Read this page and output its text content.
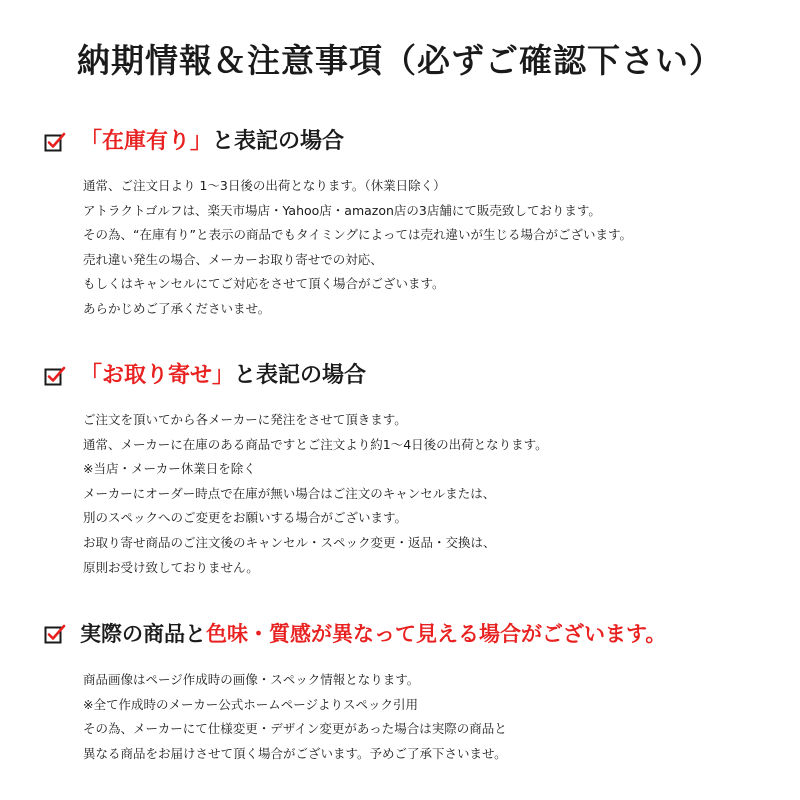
納期情報＆注意事項（必ずご確認下さい）
「在庫有り」と表記の場合
通常、ご注文日より 1～3日後の出荷となります。（休業日除く）
アトラクトゴルフは、楽天市場店・Yahoo店・amazon店の3店舗にて販売致しております。
その為、“在庫有り”と表示の商品でもタイミングによっては売れ違いが生じる場合がございます。
売れ違い発生の場合、メーカーお取り寄せでの対応、
もしくはキャンセルにてご対応をさせて頂く場合がございます。
あらかじめご了承くださいませ。
「お取り寄せ」と表記の場合
ご注文を頂いてから各メーカーに発注をさせて頂きます。
通常、メーカーに在庫のある商品ですとご注文より約1～4日後の出荷となります。
※当店・メーカー休業日を除く
メーカーにオーダー時点で在庫が無い場合はご注文のキャンセルまたは、
別のスペックへのご変更をお願いする場合がございます。
お取り寄せ商品のご注文後のキャンセル・スペック変更・返品・交換は、
原則お受け致しておりません。
実際の商品と色味・質感が異なって見える場合がございます。
商品画像はページ作成時の画像・スペック情報となります。
※全て作成時のメーカー公式ホームページよりスペック引用
その為、メーカーにて仕様変更・デザイン変更があった場合は実際の商品と
異なる商品をお届けさせて頂く場合がございます。予めご了承下さいませ。
